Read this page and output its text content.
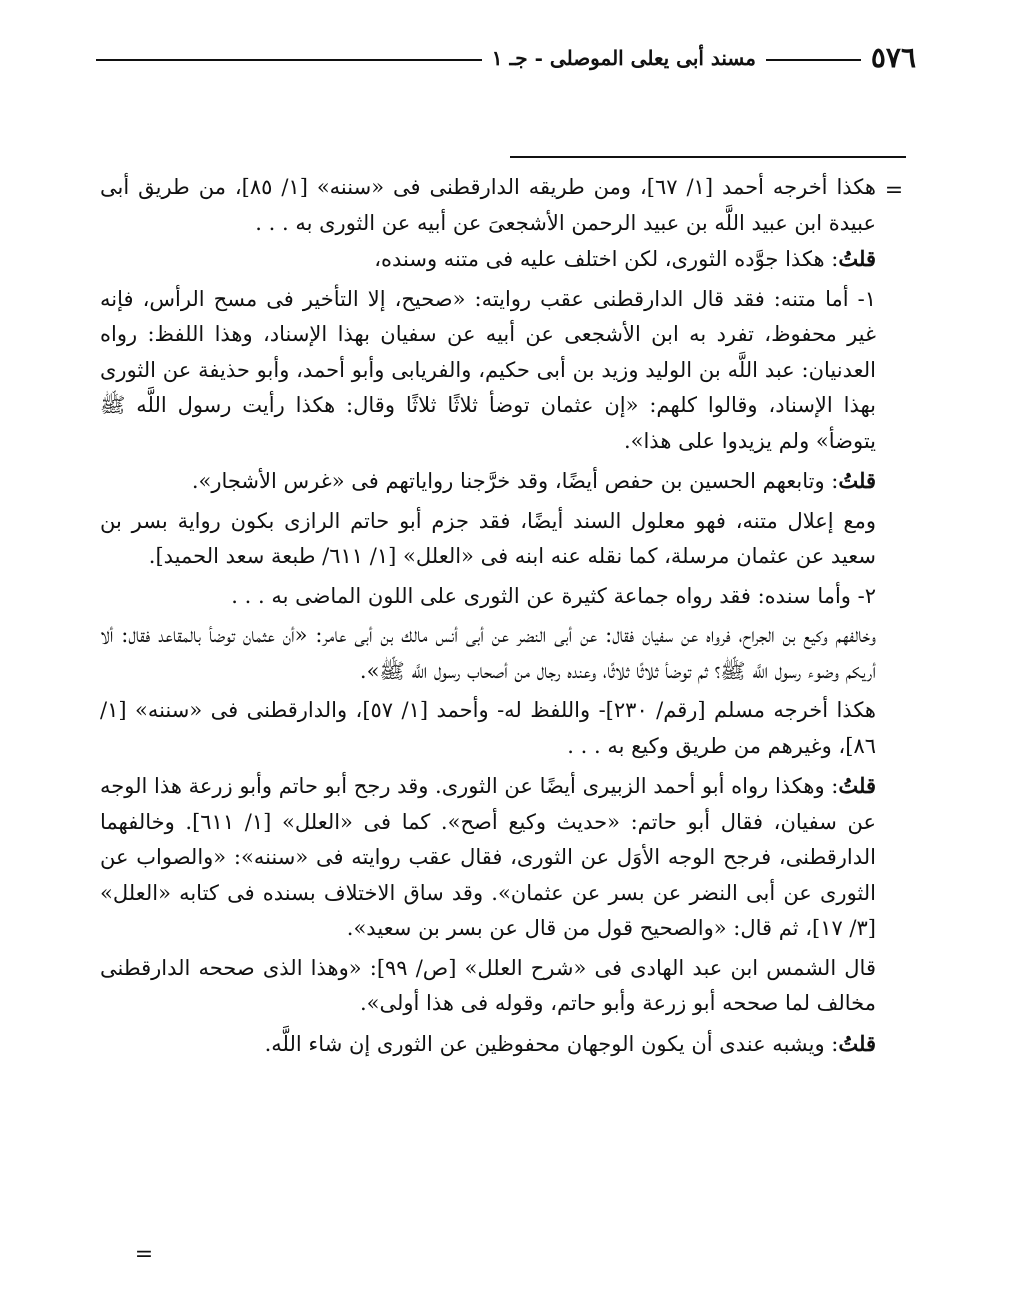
٥٧٦
مسند أبى يعلى الموصلى - جـ ١
=

هكذا أخرجه أحمد [١/ ٦٧]، ومن طريقه الدارقطنى فى «سننه» [١/ ٨٥]، من طريق أبى عبيدة ابن عبيد اللَّه بن عبيد الرحمن الأشجعىَ عن أبيه عن الثورى به . . .

قلتُ: هكذا جوَّده الثورى، لكن اختلف عليه فى متنه وسنده،

١- أما متنه: فقد قال الدارقطنى عقب روايته: «صحيح، إلا التأخير فى مسح الرأس، فإنه غير محفوظ، تفرد به ابن الأشجعى عن أبيه عن سفيان بهذا الإسناد، وهذا اللفظ: رواه العدنيان: عبد اللَّه بن الوليد وزيد بن أبى حكيم، والفريابى وأبو أحمد، وأبو حذيفة عن الثورى بهذا الإسناد، وقالوا كلهم: «إن عثمان توضأ ثلاثًا ثلاثًا وقال: هكذا رأيت رسول اللَّه ﷺ يتوضأ» ولم يزيدوا على هذا».

قلتُ: وتابعهم الحسين بن حفص أيضًا، وقد خرَّجنا رواياتهم فى «غرس الأشجار».

ومع إعلال متنه، فهو معلول السند أيضًا، فقد جزم أبو حاتم الرازى بكون رواية بسر بن سعيد عن عثمان مرسلة، كما نقله عنه ابنه فى «العلل» [١/ ٦١١/ طبعة سعد الحميد].

٢- وأما سنده: فقد رواه جماعة كثيرة عن الثورى على اللون الماضى به . . .

وخالفهم وكيع بن الجراح، فرواه عن سفيان فقال: عن أبى النضر عن أبى أنس مالك بن أبى عامر: «أن عثمان توضأ بالمقاعد فقال: ألا أريكم وضوء رسول اللَّه ﷺ؟ ثم توضأ ثلاثًا ثلاثًا، وعنده رجال من أصحاب رسول اللَّه ﷺ».

هكذا أخرجه مسلم [رقم/ ٢٣٠]- واللفظ له- وأحمد [١/ ٥٧]، والدارقطنى فى «سننه» [١/ ٨٦]، وغيرهم من طريق وكيع به . . .

قلتُ: وهكذا رواه أبو أحمد الزبيرى أيضًا عن الثورى. وقد رجح أبو حاتم وأبو زرعة هذا الوجه عن سفيان، فقال أبو حاتم: «حديث وكيع أصح». كما فى «العلل» [١/ ٦١١]. وخالفهما الدارقطنى، فرجح الوجه الأوَل عن الثورى، فقال عقب روايته فى «سننه»: «والصواب عن الثورى عن أبى النضر عن بسر عن عثمان». وقد ساق الاختلاف بسنده فى كتابه «العلل» [٣/ ١٧]، ثم قال: «والصحيح قول من قال عن بسر بن سعيد».

قال الشمس ابن عبد الهادى فى «شرح العلل» [ص/ ٩٩]: «وهذا الذى صححه الدارقطنى مخالف لما صححه أبو زرعة وأبو حاتم، وقوله فى هذا أولى».

قلتُ: ويشبه عندى أن يكون الوجهان محفوظين عن الثورى إن شاء اللَّه.

=
